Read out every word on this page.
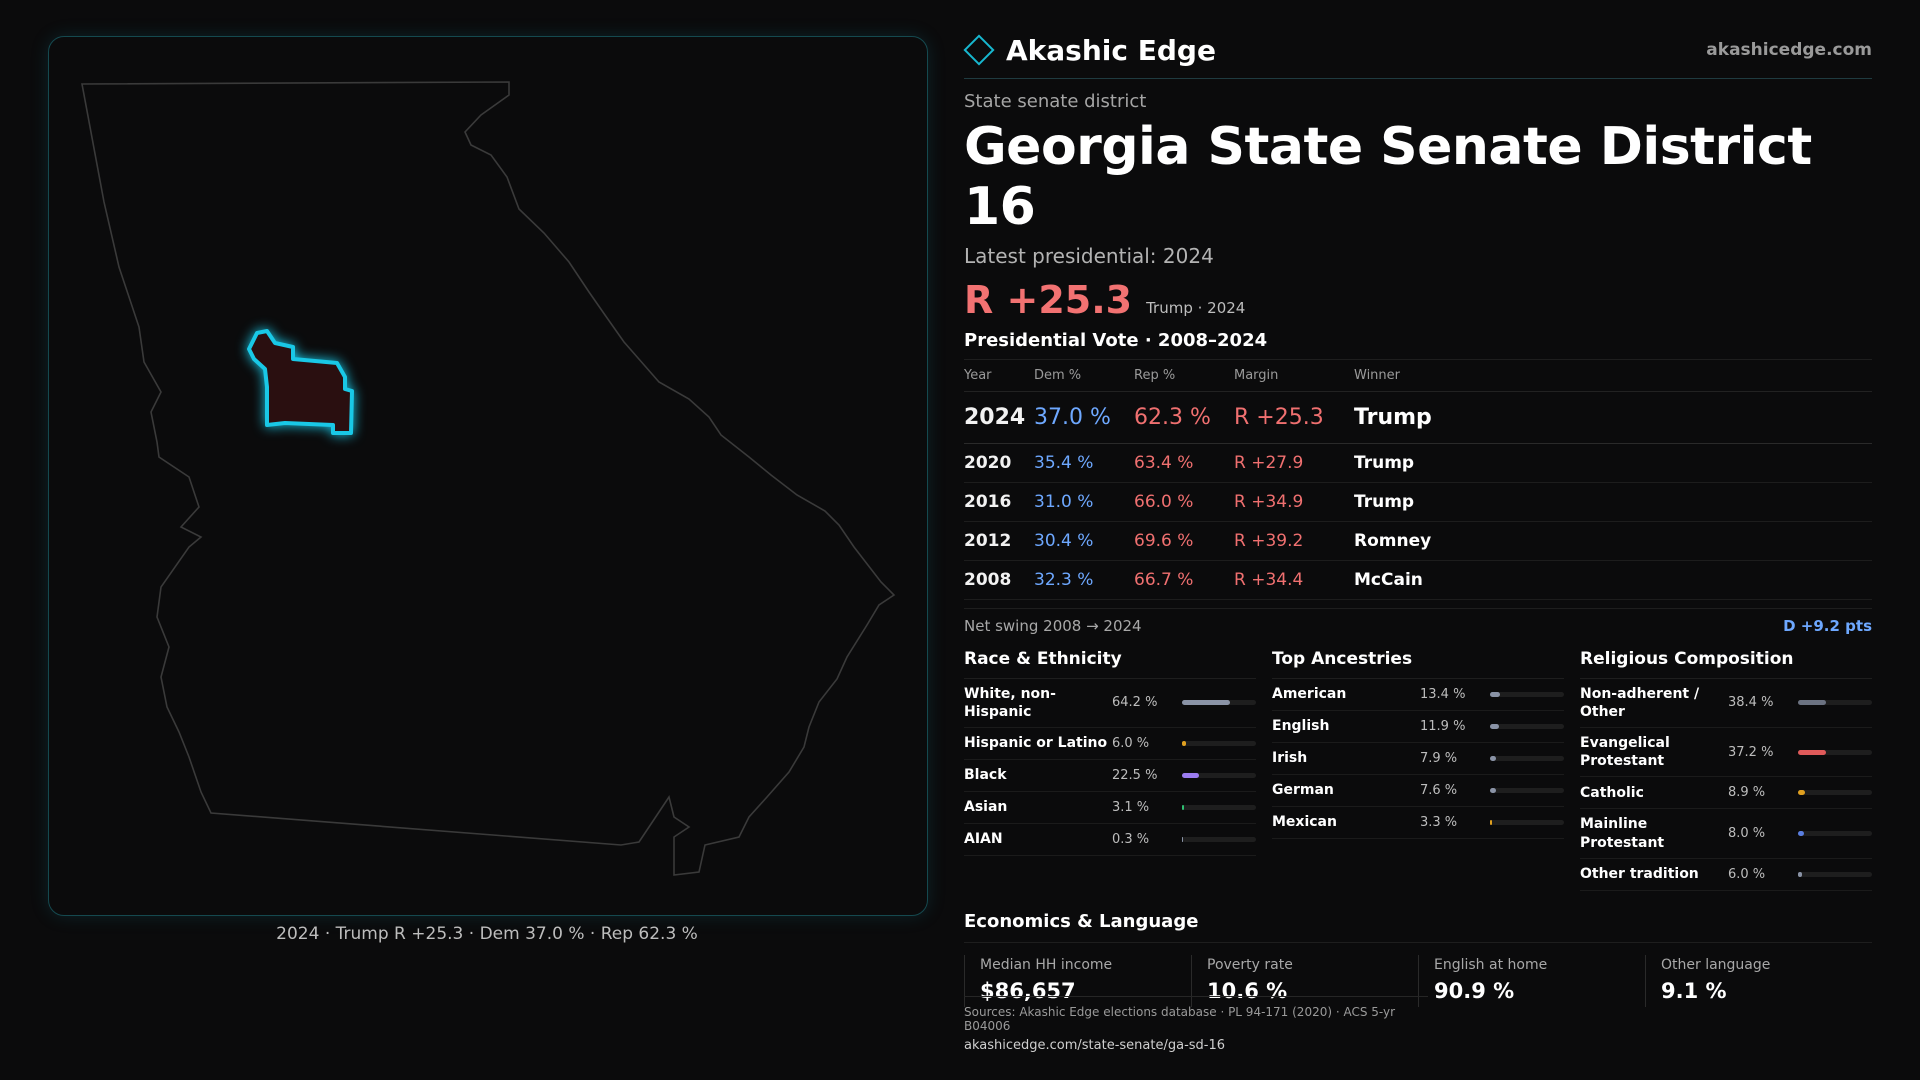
2024 · Trump R +25.3 · Dem 37.0 % · Rep 62.3 %
Akashic Edge	akashicedge.com
State senate district
Georgia State Senate District 16
Latest presidential: 2024
R +25.3 Trump · 2024
Presidential Vote · 2008–2024
Year	Dem %	Rep %	Margin	Winner
2024	37.0 %	62.3 %	R +25.3	Trump
2020	35.4 %	63.4 %	R +27.9	Trump
2016	31.0 %	66.0 %	R +34.9	Trump
2012	30.4 %	69.6 %	R +39.2	Romney
2008	32.3 %	66.7 %	R +34.4	McCain
Net swing 2008 → 2024	D +9.2 pts
Race & Ethnicity
White, non-Hispanic
64.2 %
Hispanic or Latino 6.0 %
Black	22.5 %
Asian	3.1 %
AIAN	0.3 %
Top Ancestries
American	13.4 %
English	11.9 %
Irish	7.9 %
German	7.6 %
Mexican	3.3 %
Religious Composition
Non-adherent / Other
38.4 %
Evangelical Protestant
37.2 %
Catholic	8.9 %
Mainline Protestant
8.0 %
Other tradition	6.0 %
Economics & Language
Median HH income
$86,657
Poverty rate
10.6 %
English at home
90.9 %
Other language
9.1 %
Sources: Akashic Edge elections database · PL 94-171 (2020) · ACS 5-yr B04006
akashicedge.com/state-senate/ga-sd-16
